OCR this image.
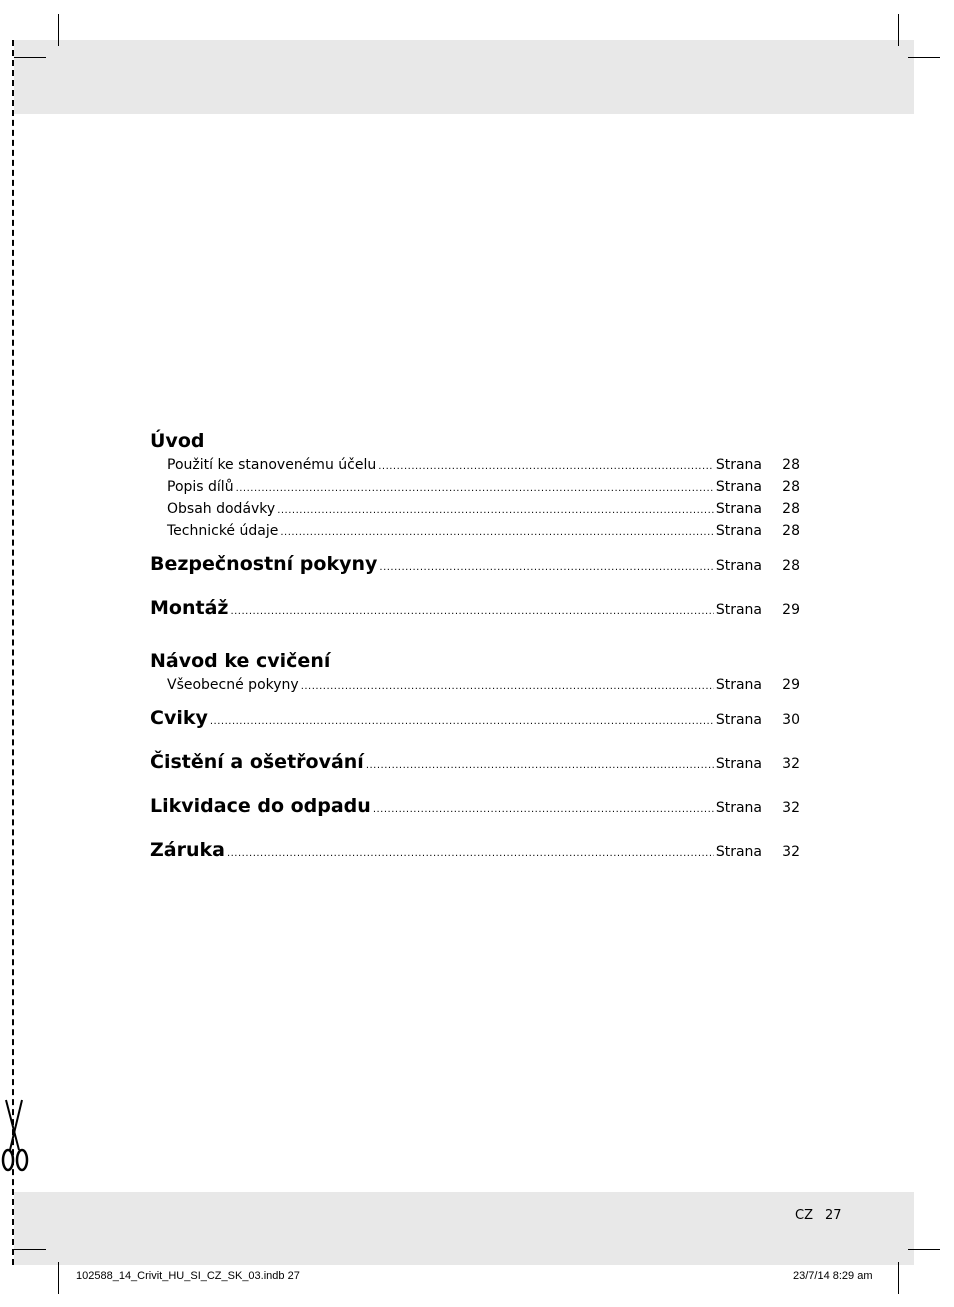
Úvod
Použití ke stanovenému účelu .....	Strana	28
Popis dílů .....	Strana	28
Obsah dodávky .....	Strana	28
Technické údaje .....	Strana	28
Bezpečnostní pokyny .....	Strana	28
Montáž .....	Strana	29
Návod ke cvičení
Všeobecné pokyny .....	Strana	29
Cviky .....	Strana	30
Čistění a ošetřování .....	Strana	32
Likvidace do odpadu .....	Strana	32
Záruka .....	Strana	32
CZ 27
102588_14_Crivit_HU_SI_CZ_SK_03.indb 27	23/7/14 8:29 am
